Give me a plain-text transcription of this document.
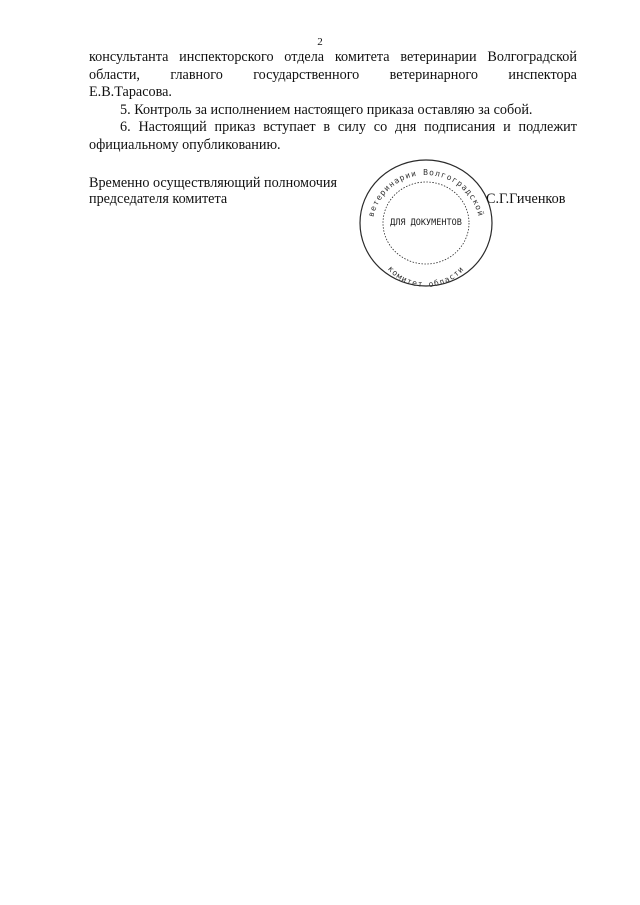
2
консультанта инспекторского отдела комитета ветеринарии Волгоградской
области, главного государственного ветеринарного инспектора
Е.В.Тарасова.
5. Контроль за исполнением настоящего приказа оставляю за собой.
6. Настоящий приказ вступает в силу со дня подписания и подлежит
официальному опубликованию.
Временно осуществляющий полномочия
председателя комитета
ветеринарии Волгоградской
комитет области
ДЛЯ ДОКУМЕНТОВ
С.Г.Гиченков
